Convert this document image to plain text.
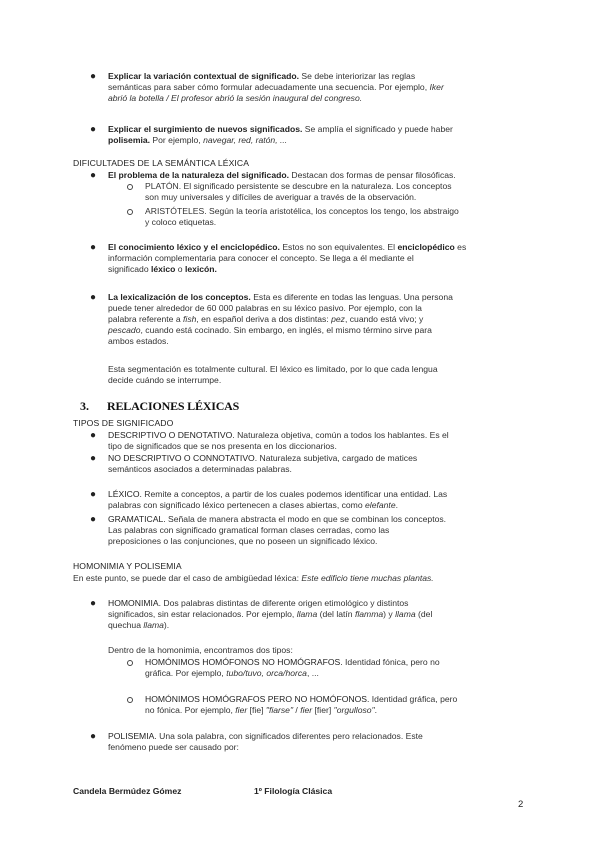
● Explicar la variación contextual de significado. Se debe interiorizar las reglas
semánticas para saber cómo formular adecuadamente una secuencia. Por ejemplo, Iker
abrió la botella / El profesor abrió la sesión inaugural del congreso.
● Explicar el surgimiento de nuevos significados. Se amplía el significado y puede haber
polisemia. Por ejemplo, navegar, red, ratón, ...
DIFICULTADES DE LA SEMÁNTICA LÉXICA
● El problema de la naturaleza del significado. Destacan dos formas de pensar filosóficas.
PLATÓN. El significado persistente se descubre en la naturaleza. Los conceptos
son muy universales y difíciles de averiguar a través de la observación.
ARISTÓTELES. Según la teoría aristotélica, los conceptos los tengo, los abstraigo
y coloco etiquetas.
● El conocimiento léxico y el enciclopédico. Estos no son equivalentes. El enciclopédico es
información complementaria para conocer el concepto. Se llega a él mediante el
significado léxico o lexicón.
● La lexicalización de los conceptos. Esta es diferente en todas las lenguas. Una persona
puede tener alrededor de 60 000 palabras en su léxico pasivo. Por ejemplo, con la
palabra referente a fish, en español deriva a dos distintas: pez, cuando está vivo; y
pescado, cuando está cocinado. Sin embargo, en inglés, el mismo término sirve para
ambos estados.
Esta segmentación es totalmente cultural. El léxico es limitado, por lo que cada lengua
decide cuándo se interrumpe.
3. RELACIONES LÉXICAS
TIPOS DE SIGNIFICADO
● DESCRIPTIVO O DENOTATIVO. Naturaleza objetiva, común a todos los hablantes. Es el
tipo de significados que se nos presenta en los diccionarios.
● NO DESCRIPTIVO O CONNOTATIVO. Naturaleza subjetiva, cargado de matices
semánticos asociados a determinadas palabras.
● LÉXICO. Remite a conceptos, a partir de los cuales podemos identificar una entidad. Las
palabras con significado léxico pertenecen a clases abiertas, como elefante.
● GRAMATICAL. Señala de manera abstracta el modo en que se combinan los conceptos.
Las palabras con significado gramatical forman clases cerradas, como las
preposiciones o las conjunciones, que no poseen un significado léxico.
HOMONIMIA Y POLISEMIA
En este punto, se puede dar el caso de ambigüedad léxica: Este edificio tiene muchas plantas.
● HOMONIMIA. Dos palabras distintas de diferente origen etimológico y distintos
significados, sin estar relacionados. Por ejemplo, llama (del latín flamma) y llama (del
quechua llama).
Dentro de la homonimia, encontramos dos tipos:
HOMÓNIMOS HOMÓFONOS NO HOMÓGRAFOS. Identidad fónica, pero no
gráfica. Por ejemplo, tubo/tuvo, orca/horca, ...
HOMÓNIMOS HOMÓGRAFOS PERO NO HOMÓFONOS. Identidad gráfica, pero
no fónica. Por ejemplo, fier [fie] "fiarse" / fier [fier] "orgulloso".
● POLISEMIA. Una sola palabra, con significados diferentes pero relacionados. Este
fenómeno puede ser causado por:
Candela Bermúdez Gómez	1º Filología Clásica
2
